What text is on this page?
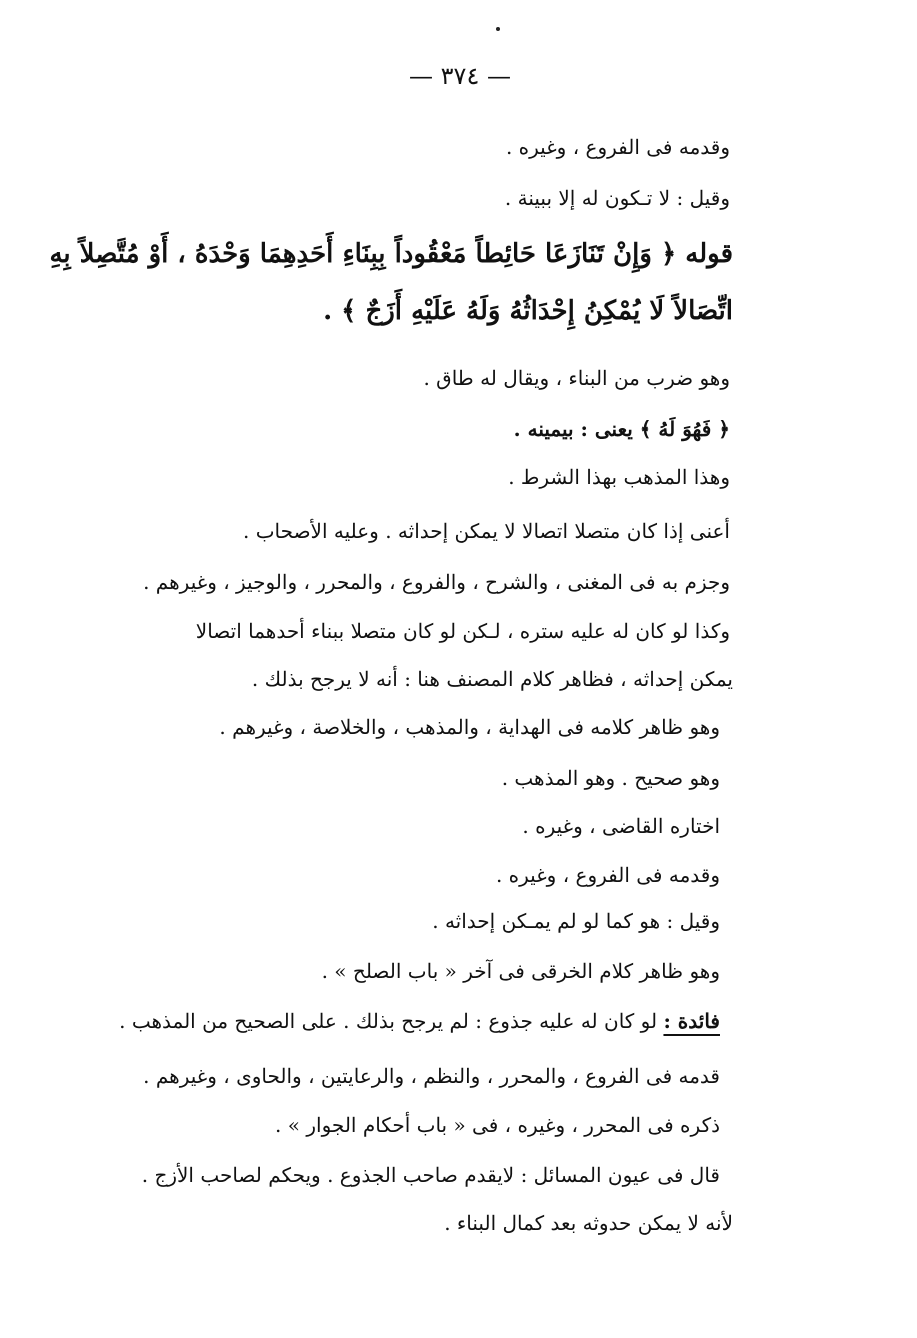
— ٣٧٤ —
وقدمه فى الفروع ، وغيره .
وقيل : لا تـكون له إلا ببينة .
قوله ﴿ وَإِنْ تَنَازَعَا حَائِطاً مَعْقُوداً بِبِنَاءِ أَحَدِهِمَا وَحْدَهُ ، أَوْ مُتَّصِلاً بِهِ
اتِّصَالاً لَا يُمْكِنُ إِحْدَاثُهُ وَلَهُ عَلَيْهِ أَزَجٌ ﴾ .
وهو ضرب من البناء ، ويقال له طاق .
﴿ فَهُوَ لَهُ ﴾ يعنى : بيمينه .
وهذا المذهب بهذا الشرط .
أعنى إذا كان متصلا اتصالا لا يمكن إحداثه . وعليه الأصحاب .
وجزم به فى المغنى ، والشرح ، والفروع ، والمحرر ، والوجيز ، وغيرهم .
وكذا لو كان له عليه ستره ، لـكن لو كان متصلا ببناء أحدهما اتصالا
يمكن إحداثه ، فظاهر كلام المصنف هنا : أنه لا يرجح بذلك .
وهو ظاهر كلامه فى الهداية ، والمذهب ، والخلاصة ، وغيرهم .
وهو صحيح . وهو المذهب .
اختاره القاضى ، وغيره .
وقدمه فى الفروع ، وغيره .
وقيل : هو كما لو لم يمـكن إحداثه .
وهو ظاهر كلام الخرقى فى آخر « باب الصلح » .
فائدة : لو كان له عليه جذوع : لم يرجح بذلك . على الصحيح من المذهب .
قدمه فى الفروع ، والمحرر ، والنظم ، والرعايتين ، والحاوى ، وغيرهم .
ذكره فى المحرر ، وغيره ، فى « باب أحكام الجوار » .
قال فى عيون المسائل : لايقدم صاحب الجذوع . ويحكم لصاحب الأزج .
لأنه لا يمكن حدوثه بعد كمال البناء .
